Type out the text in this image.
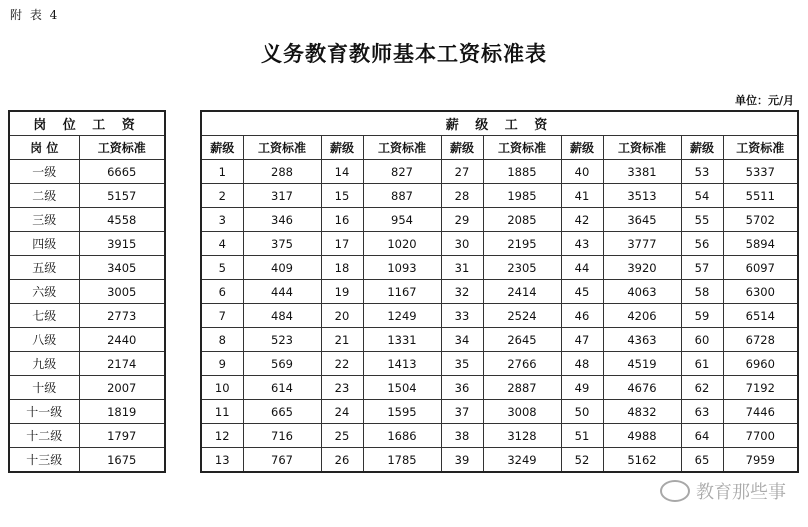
附 表 4
义务教育教师基本工资标准表
单位：元/月
岗 位 工 资	
岗 位	工资标准
一级	6665
二级	5157
三级	4558
四级	3915
五级	3405
六级	3005
七级	2773
八级	2440
九级	2174
十级	2007
十一级	1819
十二级	1797
十三级	1675
薪 级 工 资									
薪级	工资标准	薪级	工资标准	薪级	工资标准	薪级	工资标准	薪级	工资标准
1	288	14	827	27	1885	40	3381	53	5337
2	317	15	887	28	1985	41	3513	54	5511
3	346	16	954	29	2085	42	3645	55	5702
4	375	17	1020	30	2195	43	3777	56	5894
5	409	18	1093	31	2305	44	3920	57	6097
6	444	19	1167	32	2414	45	4063	58	6300
7	484	20	1249	33	2524	46	4206	59	6514
8	523	21	1331	34	2645	47	4363	60	6728
9	569	22	1413	35	2766	48	4519	61	6960
10	614	23	1504	36	2887	49	4676	62	7192
11	665	24	1595	37	3008	50	4832	63	7446
12	716	25	1686	38	3128	51	4988	64	7700
13	767	26	1785	39	3249	52	5162	65	7959
教育那些事
